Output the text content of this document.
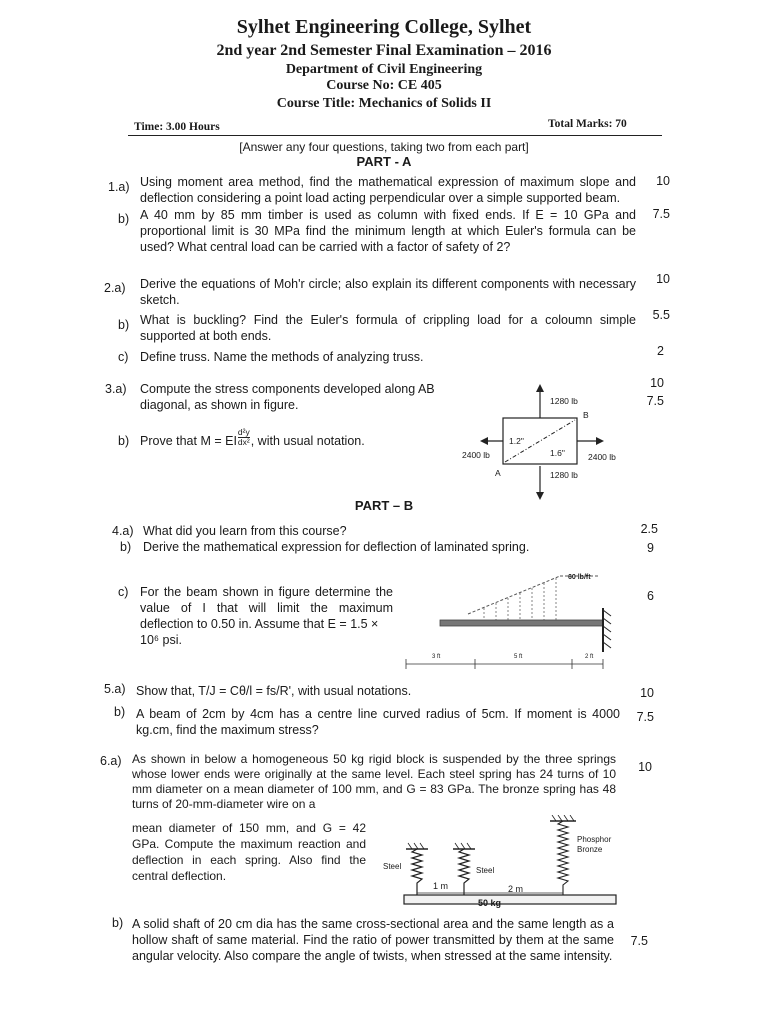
Sylhet Engineering College, Sylhet
2nd year 2nd Semester Final Examination – 2016
Department of Civil Engineering
Course No: CE 405
Course Title: Mechanics of Solids II
Time: 3.00 Hours	Total Marks: 70
[Answer any four questions, taking two from each part]
PART - A
1.a) Using moment area method, find the mathematical expression of maximum slope and deflection considering a point load acting perpendicular over a simple supported beam.
10
b) A 40 mm by 85 mm timber is used as column with fixed ends. If E = 10 GPa and proportional limit is 30 MPa find the minimum length at which Euler's formula can be used? What central load can be carried with a factor of safety of 2?
7.5
2.a) Derive the equations of Moh'r circle; also explain its different components with necessary sketch.
10
b) What is buckling? Find the Euler's formula of crippling load for a coloumn simple supported at both ends.
5.5
c) Define truss. Name the methods of analyzing truss.	2
3.a) Compute the stress components developed along AB diagonal, as shown in figure.
10
7.5
b) Prove that M = EI $\frac{\text{d²y}}{\text{dx²}}$ , with usual notation.
1280 lb
B
1.2"
2400 lb	1.6"	2400 lb
A	1280 lb
PART – B
4.a) What did you learn from this course?	2.5
b) Derive the mathematical expression for deflection of laminated spring.	9
c) For the beam shown in figure determine the value of I that will limit the maximum deflection to 0.50 in. Assume that E = 1.5 ×
10⁶ psi.
6
60 lb/ft
3 ft	5 ft	2 ft
5.a) Show that, T/J = Cθ/l = fs/R', with usual notations.	10
b) A beam of 2cm by 4cm has a centre line curved radius of 5cm. If moment is 4000 kg.cm, find the maximum stress?
7.5
6.a) As shown in below a homogeneous 50 kg rigid block is suspended by the three springs whose lower ends were originally at the same level. Each steel spring has 24 turns of 10 mm diameter on a mean diameter of 100 mm, and G = 83 GPa. The bronze spring has 48 turns of 20-mm-diameter wire on a
mean diameter of 150 mm, and G = 42 GPa. Compute the maximum reaction and deflection in each spring. Also find the central deflection.
10
Steel	Steel
Phosphor Bronze
1 m	2 m
50 kg
b) A solid shaft of 20 cm dia has the same cross-sectional area and the same length as a hollow shaft of same material. Find the ratio of power transmitted by them at the same angular velocity. Also compare the angle of twists, when stressed at the same intensity.
7.5
